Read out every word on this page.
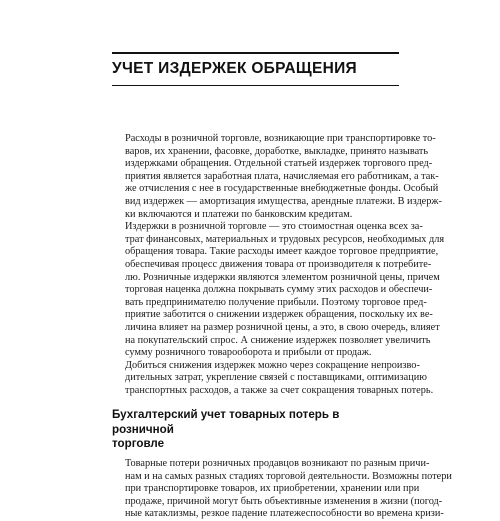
УЧЕТ ИЗДЕРЖЕК ОБРАЩЕНИЯ

Расходы в розничной торговле, возникающие при транспортировке то-
варов, их хранении, фасовке, доработке, выкладке, принято называть
издержками обращения. Отдельной статьей издержек торгового пред-
приятия является заработная плата, начисляемая его работникам, а так-
же отчисления с нее в государственные внебюджетные фонды. Особый
вид издержек — амортизация имущества, арендные платежи. В издерж-
ки включаются и платежи по банковским кредитам.

Издержки в розничной торговле — это стоимостная оценка всех за-
трат финансовых, материальных и трудовых ресурсов, необходимых для
обращения товара. Такие расходы имеет каждое торговое предприятие,
обеспечивая процесс движения товара от производителя к потребите-
лю. Розничные издержки являются элементом розничной цены, причем
торговая наценка должна покрывать сумму этих расходов и обеспечи-
вать предпринимателю получение прибыли. Поэтому торговое пред-
приятие заботится о снижении издержек обращения, поскольку их ве-
личина влияет на размер розничной цены, а это, в свою очередь, влияет
на покупательский спрос. А снижение издержек позволяет увеличить
сумму розничного товарооборота и прибыли от продаж.

Добиться снижения издержек можно через сокращение непроизво-
дительных затрат, укрепление связей с поставщиками, оптимизацию
транспортных расходов, а также за счет сокращения товарных потерь.

Бухгалтерский учет товарных потерь в розничной
торговле

Товарные потери розничных продавцов возникают по разным причи-
нам и на самых разных стадиях торговой деятельности. Возможны потери
при транспортировке товаров, их приобретении, хранении или при
продаже, причиной могут быть объективные изменения в жизни (погод-
ные катаклизмы, резкое падение платежеспособности во времена кризи-
